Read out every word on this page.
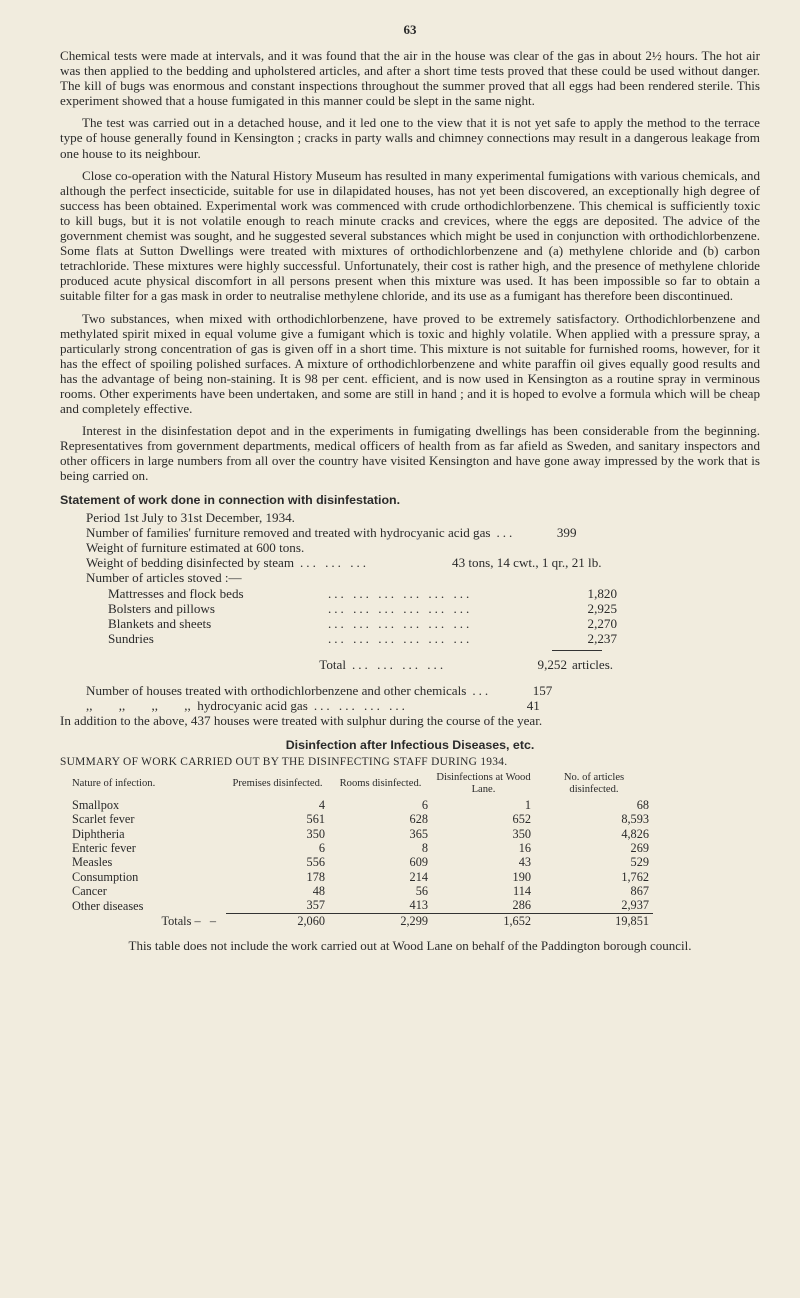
63

Chemical tests were made at intervals, and it was found that the air in the house was clear of the gas in about 2½ hours. The hot air was then applied to the bedding and upholstered articles, and after a short time tests proved that these could be used without danger. The kill of bugs was enormous and constant inspections throughout the summer proved that all eggs had been rendered sterile. This experiment showed that a house fumigated in this manner could be slept in the same night.

The test was carried out in a detached house, and it led one to the view that it is not yet safe to apply the method to the terrace type of house generally found in Kensington ; cracks in party walls and chimney connections may result in a dangerous leakage from one house to its neighbour.

Close co-operation with the Natural History Museum has resulted in many experimental fumigations with various chemicals, and although the perfect insecticide, suitable for use in dilapidated houses, has not yet been discovered, an exceptionally high degree of success has been obtained. Experimental work was commenced with crude orthodichlorbenzene. This chemical is sufficiently toxic to kill bugs, but it is not volatile enough to reach minute cracks and crevices, where the eggs are deposited. The advice of the government chemist was sought, and he suggested several substances which might be used in conjunction with orthodichlorbenzene. Some flats at Sutton Dwellings were treated with mixtures of orthodichlorbenzene and (a) methylene chloride and (b) carbon tetrachloride. These mixtures were highly successful. Unfortunately, their cost is rather high, and the presence of methylene chloride produced acute physical discomfort in all persons present when this mixture was used. It has been impossible so far to obtain a suitable filter for a gas mask in order to neutralise methylene chloride, and its use as a fumigant has therefore been discontinued.

Two substances, when mixed with orthodichlorbenzene, have proved to be extremely satisfactory. Orthodichlorbenzene and methylated spirit mixed in equal volume give a fumigant which is toxic and highly volatile. When applied with a pressure spray, a particularly strong concentration of gas is given off in a short time. This mixture is not suitable for furnished rooms, however, for it has the effect of spoiling polished surfaces. A mixture of orthodichlorbenzene and white paraffin oil gives equally good results and has the advantage of being non-staining. It is 98 per cent. efficient, and is now used in Kensington as a routine spray in verminous rooms. Other experiments have been undertaken, and some are still in hand ; and it is hoped to evolve a formula which will be cheap and completely effective.

Interest in the disinfestation depot and in the experiments in fumigating dwellings has been considerable from the beginning. Representatives from government departments, medical officers of health from as far afield as Sweden, and sanitary inspectors and other officers in large numbers from all over the country have visited Kensington and have gone away impressed by the work that is being carried on.

Statement of work done in connection with disinfestation.
Period 1st July to 31st December, 1934.
Number of families' furniture removed and treated with hydrocyanic acid gas ...	399
Weight of furniture estimated at 600 tons.
Weight of bedding disinfected by steam ... ... ...	43 tons, 14 cwt., 1 qr., 21 lb.
Number of articles stoved :—
Mattresses and flock beds	... ... ... ... ... ...	1,820
Bolsters and pillows	... ... ... ... ... ...	2,925
Blankets and sheets	... ... ... ... ... ...	2,270
Sundries	... ... ... ... ... ...	2,237
Total ... ... ... ...	9,252 articles.
Number of houses treated with orthodichlorbenzene and other chemicals ...	157
,,        ,,        ,,        ,,  hydrocyanic acid gas ... ... ... ...	41
In addition to the above, 437 houses were treated with sulphur during the course of the year.
Disinfection after Infectious Diseases, etc.
SUMMARY OF WORK CARRIED OUT BY THE DISINFECTING STAFF DURING 1934.
Nature of infection.	Premises disinfected.	Rooms disinfected.	Disinfections at Wood Lane.	No. of articles disinfected.
Smallpox	4	6	1	68
Scarlet fever	561	628	652	8,593
Diphtheria	350	365	350	4,826
Enteric fever	6	8	16	269
Measles	556	609	43	529
Consumption	178	214	190	1,762
Cancer	48	56	114	867
Other diseases	357	413	286	2,937

Totals –   –	2,060	2,299	1,652	19,851
This table does not include the work carried out at Wood Lane on behalf of the Paddington borough council.
